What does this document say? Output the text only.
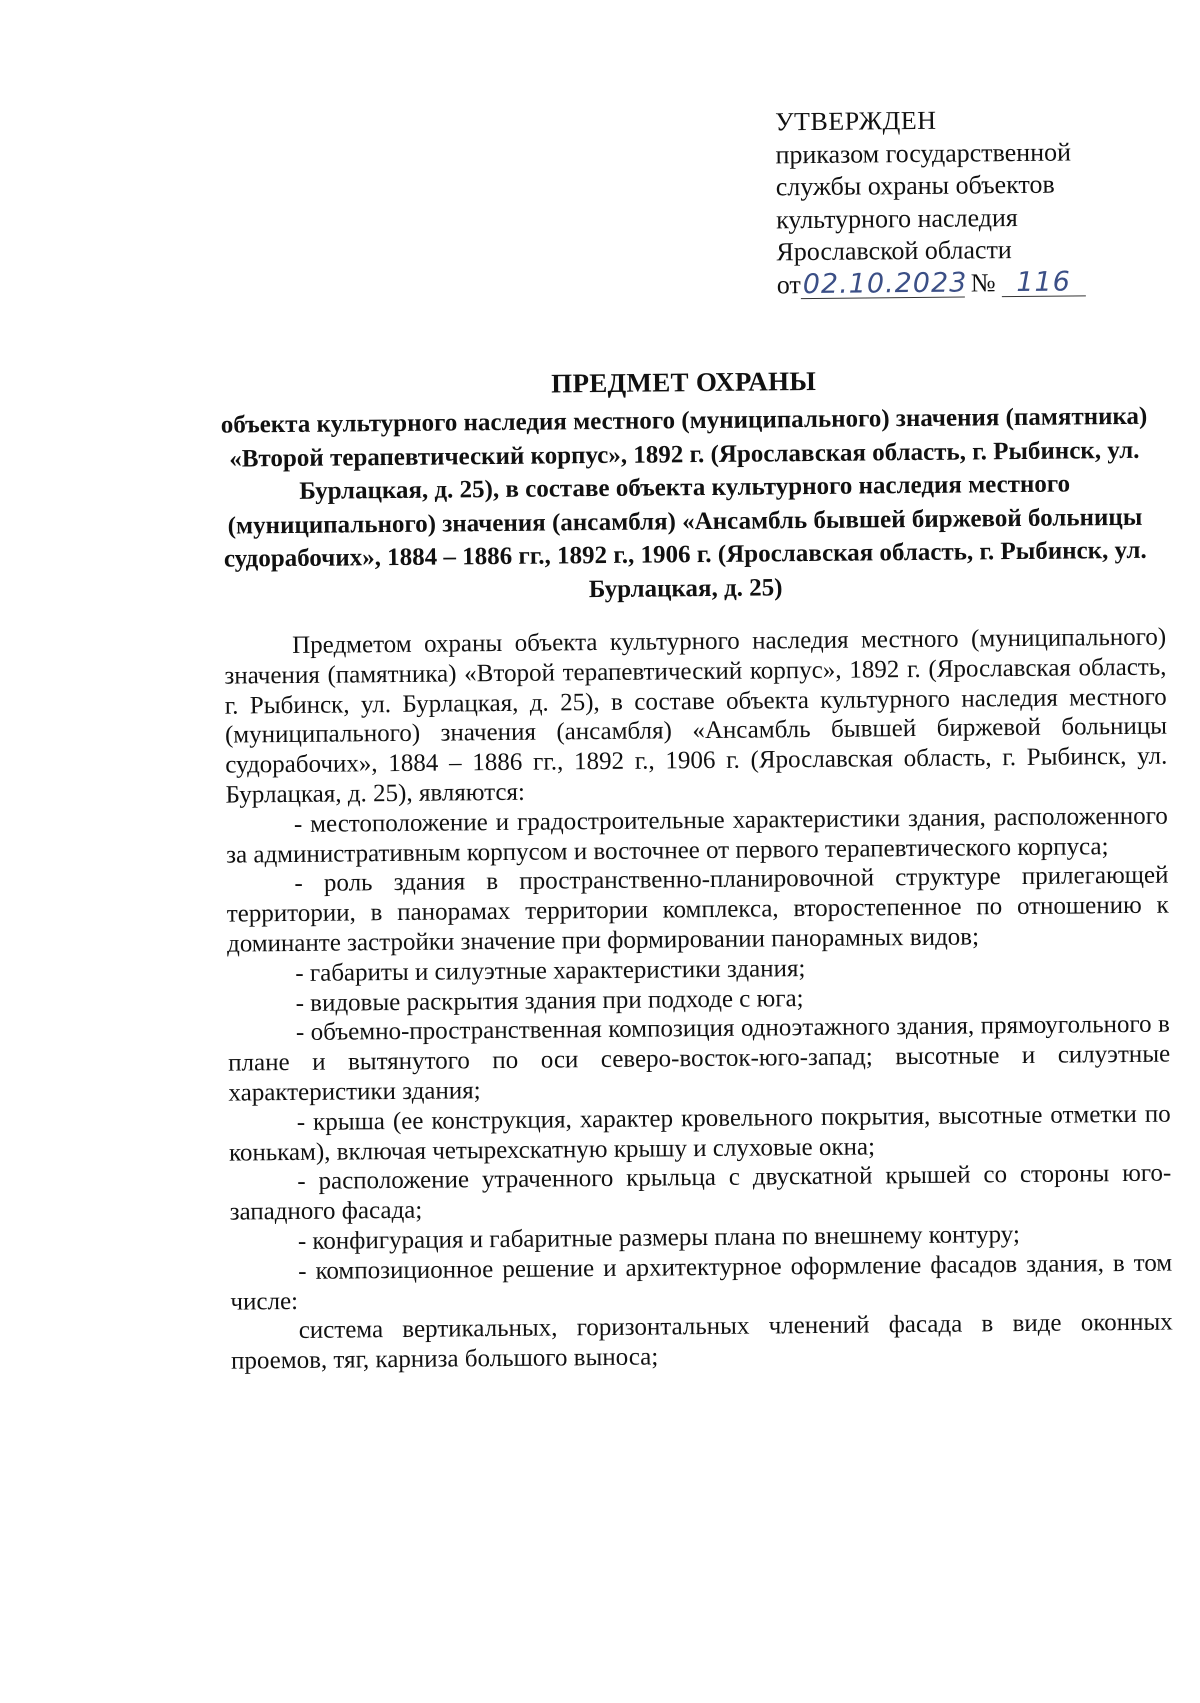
УТВЕРЖДЕН
приказом государственной
службы охраны объектов
культурного наследия
Ярославской области
от02.10.2023 № 116
ПРЕДМЕТ ОХРАНЫ
объекта культурного наследия местного (муниципального) значения (памятника) «Второй терапевтический корпус», 1892 г. (Ярославская область, г. Рыбинск, ул. Бурлацкая, д. 25), в составе объекта культурного наследия местного (муниципального) значения (ансамбля) «Ансамбль бывшей биржевой больницы судорабочих», 1884 – 1886 гг., 1892 г., 1906 г. (Ярославская область, г. Рыбинск, ул. Бурлацкая, д. 25)

Предметом охраны объекта культурного наследия местного (муниципального) значения (памятника) «Второй терапевтический корпус», 1892 г. (Ярославская область, г. Рыбинск, ул. Бурлацкая, д. 25), в составе объекта культурного наследия местного (муниципального) значения (ансамбля) «Ансамбль бывшей биржевой больницы судорабочих», 1884 – 1886 гг., 1892 г., 1906 г. (Ярославская область, г. Рыбинск, ул. Бурлацкая, д. 25), являются:

- местоположение и градостроительные характеристики здания, расположенного за административным корпусом и восточнее от первого терапевтического корпуса;

- роль здания в пространственно-планировочной структуре прилегающей территории, в панорамах территории комплекса, второстепенное по отношению к доминанте застройки значение при формировании панорамных видов;

- габариты и силуэтные характеристики здания;

- видовые раскрытия здания при подходе с юга;

- объемно-пространственная композиция одноэтажного здания, прямоугольного в плане и вытянутого по оси северо-восток-юго-запад; высотные и силуэтные характеристики здания;

- крыша (ее конструкция, характер кровельного покрытия, высотные отметки по конькам), включая четырехскатную крышу и слуховые окна;

- расположение утраченного крыльца с двускатной крышей со стороны юго-западного фасада;

- конфигурация и габаритные размеры плана по внешнему контуру;

- композиционное решение и архитектурное оформление фасадов здания, в том числе:

система вертикальных, горизонтальных членений фасада в виде оконных проемов, тяг, карниза большого выноса;
